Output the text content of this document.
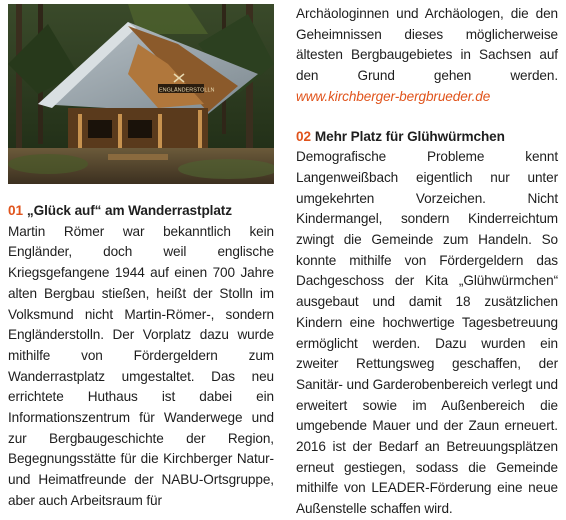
ENGLÄNDERSTOLLN

01 „Glück auf“ am Wanderrastplatz

Martin Römer war bekanntlich kein Engländer, doch weil englische Kriegsgefangene 1944 auf einen 700 Jahre alten Bergbau stießen, heißt der Stolln im Volksmund nicht Martin-Römer-, sondern Engländerstolln. Der Vorplatz dazu wurde mithilfe von Fördergeldern zum Wanderrastplatz umgestaltet. Das neu errichtete Huthaus ist dabei ein Informationszentrum für Wanderwege und zur Bergbaugeschichte der Region, Begegnungsstätte für die Kirchberger Natur- und Heimatfreunde der NABU-Ortsgruppe, aber auch Arbeitsraum für

Archäologinnen und Archäologen, die den Geheimnissen dieses möglicherweise ältesten Bergbaugebietes in Sachsen auf den Grund gehen werden. www.kirchberger-bergbrueder.de

02 Mehr Platz für Glühwürmchen

Demografische Probleme kennt Langenweißbach eigentlich nur unter umgekehrten Vorzeichen. Nicht Kindermangel, sondern Kinderreichtum zwingt die Gemeinde zum Handeln. So konnte mithilfe von Fördergeldern das Dachgeschoss der Kita „Glühwürmchen“ ausgebaut und damit 18 zusätzlichen Kindern eine hochwertige Tagesbetreuung ermöglicht werden. Dazu wurden ein zweiter Rettungsweg geschaffen, der Sanitär- und Garderobenbereich verlegt und erweitert sowie im Außenbereich die umgebende Mauer und der Zaun erneuert. 2016 ist der Bedarf an Betreuungsplätzen erneut gestiegen, sodass die Gemeinde mithilfe von LEADER-Förderung eine neue Außenstelle schaffen wird.
